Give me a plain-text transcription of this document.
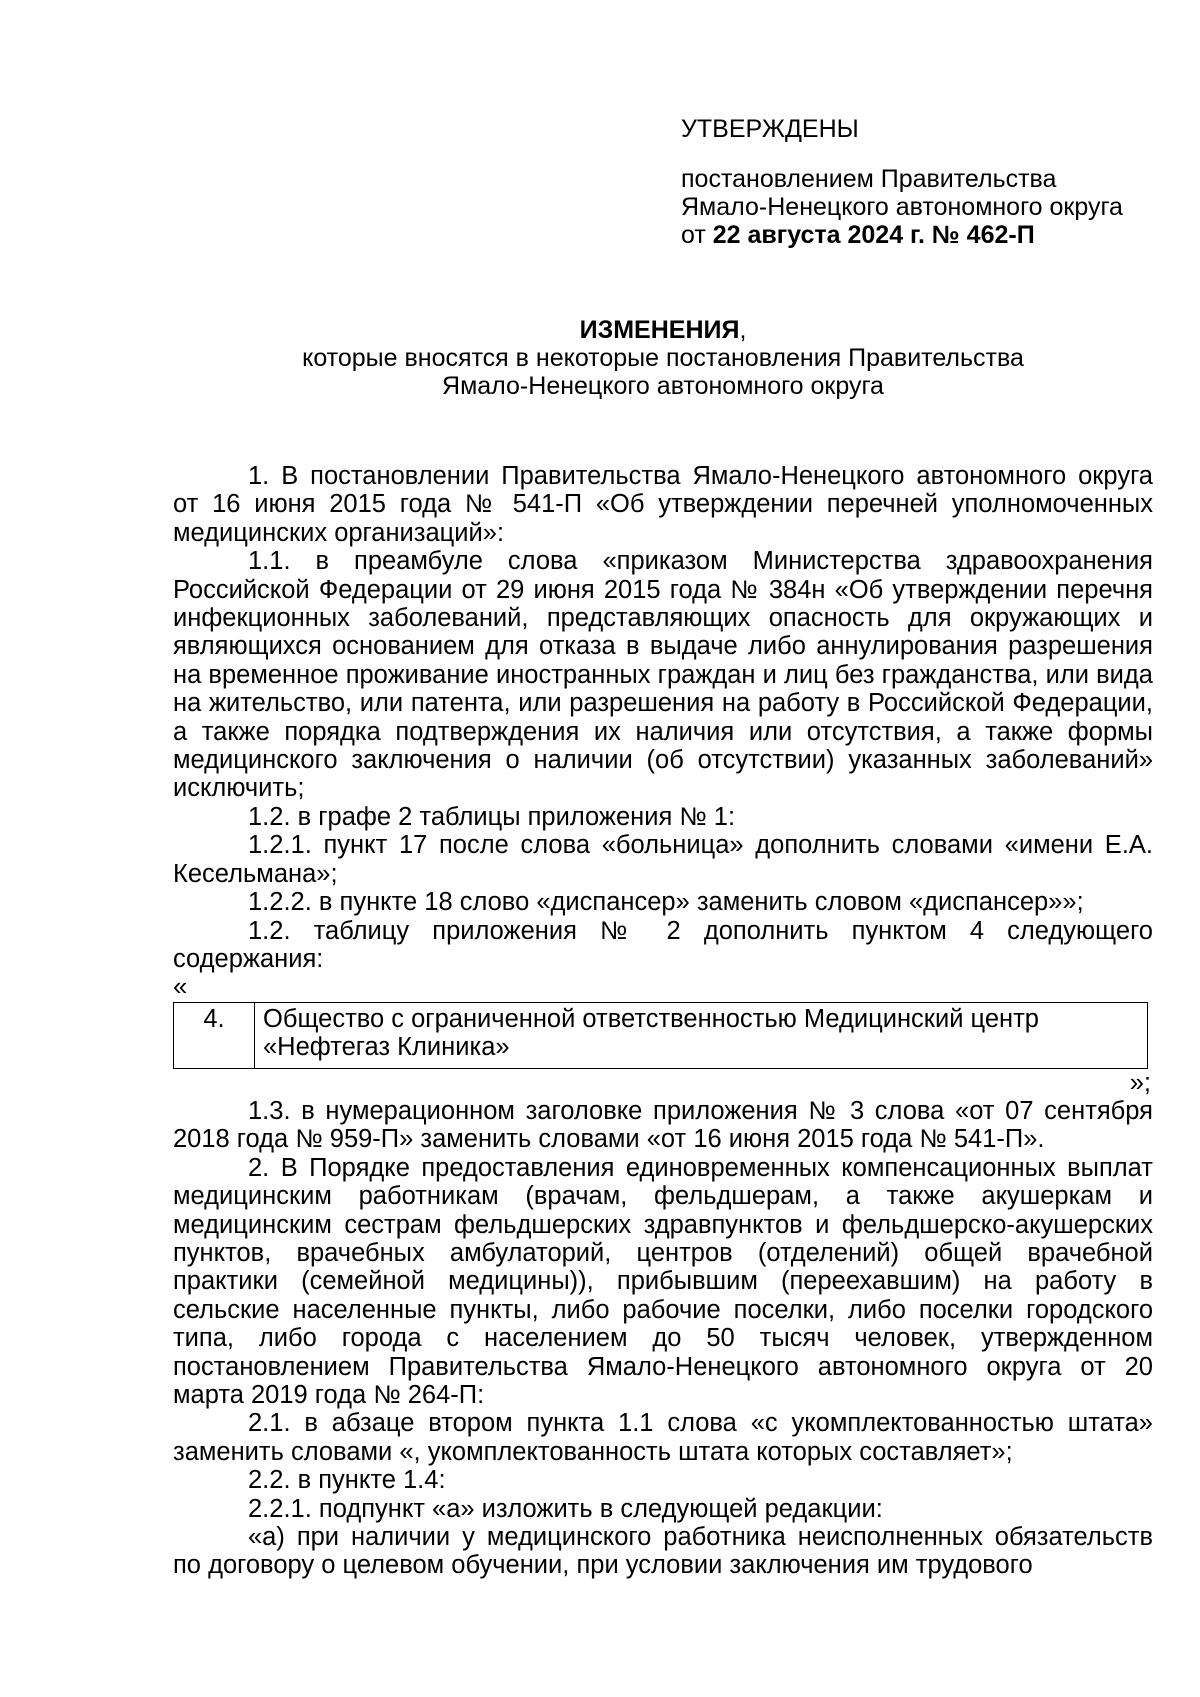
УТВЕРЖДЕНЫ
постановлением Правительства
Ямало-Ненецкого автономного округа
от 22 августа 2024 г. № 462-П
ИЗМЕНЕНИЯ,
которые вносятся в некоторые постановления Правительства
Ямало-Ненецкого автономного округа

1. В постановлении Правительства Ямало-Ненецкого автономного округа от 16 июня 2015 года № 541-П «Об утверждении перечней уполномоченных медицинских организаций»:

1.1. в преамбуле слова «приказом Министерства здравоохранения Российской Федерации от 29 июня 2015 года № 384н «Об утверждении перечня инфекционных заболеваний, представляющих опасность для окружающих и являющихся основанием для отказа в выдаче либо аннулирования разрешения на временное проживание иностранных граждан и лиц без гражданства, или вида на жительство, или патента, или разрешения на работу в Российской Федерации, а также порядка подтверждения их наличия или отсутствия, а также формы медицинского заключения о наличии (об отсутствии) указанных заболеваний» исключить;

1.2. в графе 2 таблицы приложения № 1:

1.2.1. пункт 17 после слова «больница» дополнить словами «имени Е.А. Кесельмана»;

1.2.2. в пункте 18 слово «диспансер» заменить словом «диспансер»»;

1.2. таблицу приложения № 2 дополнить пунктом 4 следующего содержания:

«

4.	Общество с ограниченной ответственностью Медицинский центр «Нефтегаз Клиника»

»;

1.3. в нумерационном заголовке приложения № 3 слова «от 07 сентября 2018 года № 959-П» заменить словами «от 16 июня 2015 года № 541-П».

2. В Порядке предоставления единовременных компенсационных выплат медицинским работникам (врачам, фельдшерам, а также акушеркам и медицинским сестрам фельдшерских здравпунктов и фельдшерско-акушерских пунктов, врачебных амбулаторий, центров (отделений) общей врачебной практики (семейной медицины)), прибывшим (переехавшим) на работу в сельские населенные пункты, либо рабочие поселки, либо поселки городского типа, либо города с населением до 50 тысяч человек, утвержденном постановлением Правительства Ямало-Ненецкого автономного округа от 20 марта 2019 года № 264-П:

2.1. в абзаце втором пункта 1.1 слова «с укомплектованностью штата» заменить словами «, укомплектованность штата которых составляет»;

2.2. в пункте 1.4:

2.2.1. подпункт «а» изложить в следующей редакции:

«а) при наличии у медицинского работника неисполненных обязательств по договору о целевом обучении, при условии заключения им трудового
